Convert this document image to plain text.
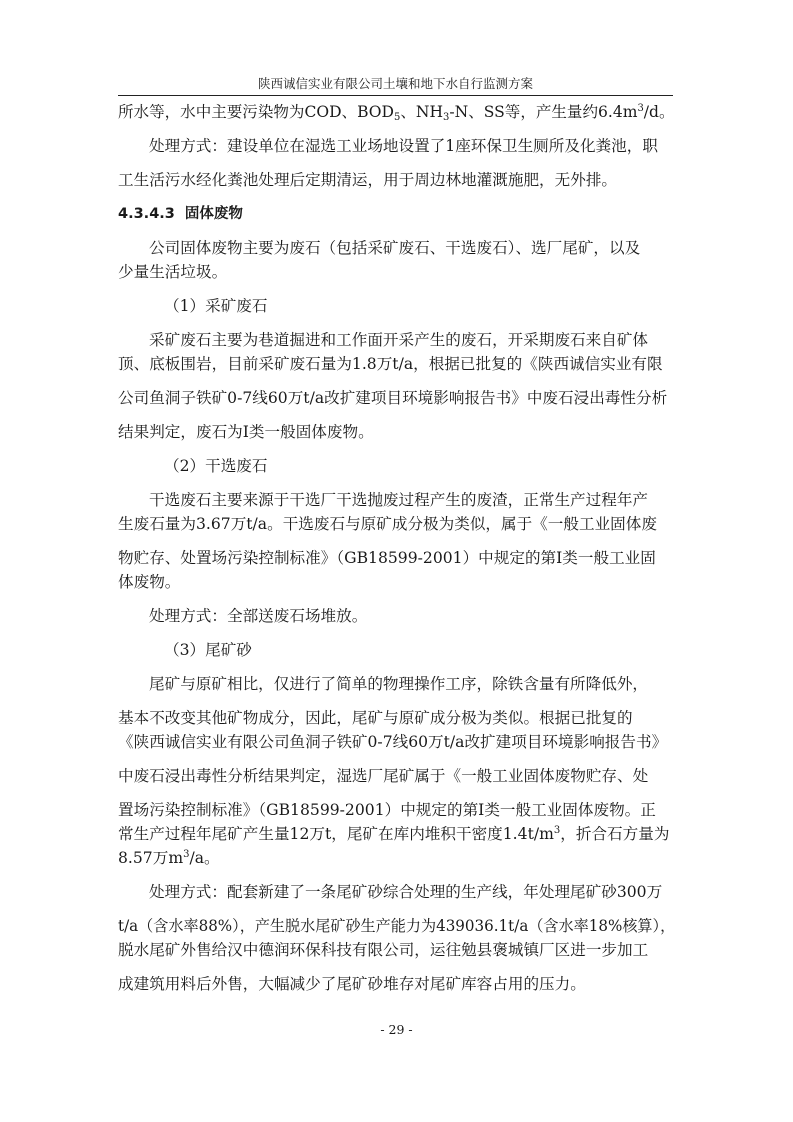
陕西诚信实业有限公司土壤和地下水自行监测方案
所水等，水中主要污染物为COD、$BOD_5$、$NH_3-N$、SS等，产生量约$6.4m^3/d$。
处理方式：建设单位在湿选工业场地设置了1座环保卫生厕所及化粪池，职
工生活污水经化粪池处理后定期清运，用于周边林地灌溉施肥，无外排。
4.3.4.3 固体废物
公司固体废物主要为废石（包括采矿废石、干选废石）、选厂尾矿，以及
少量生活垃圾。
（1）采矿废石
采矿废石主要为巷道掘进和工作面开采产生的废石，开采期废石来自矿体
顶、底板围岩，目前采矿废石量为1.8万t/a，根据已批复的《陕西诚信实业有限
公司鱼洞子铁矿0-7线60万t/a改扩建项目环境影响报告书》中废石浸出毒性分析
结果判定，废石为I类一般固体废物。
（2）干选废石
干选废石主要来源于干选厂干选抛废过程产生的废渣，正常生产过程年产
生废石量为3.67万t/a。干选废石与原矿成分极为类似，属于《一般工业固体废
物贮存、处置场污染控制标准》（GB18599-2001）中规定的第Ⅰ类一般工业固
体废物。
处理方式：全部送废石场堆放。
（3）尾矿砂
尾矿与原矿相比，仅进行了简单的物理操作工序，除铁含量有所降低外，
基本不改变其他矿物成分，因此，尾矿与原矿成分极为类似。根据已批复的
《陕西诚信实业有限公司鱼洞子铁矿0-7线60万t/a改扩建项目环境影响报告书》
中废石浸出毒性分析结果判定，湿选厂尾矿属于《一般工业固体废物贮存、处
置场污染控制标准》（GB18599-2001）中规定的第Ⅰ类一般工业固体废物。正
常生产过程年尾矿产生量12万t，尾矿在库内堆积干密度$1.4t/m^3$，折合石方量为
8.57万$m^3/a$。
处理方式：配套新建了一条尾矿砂综合处理的生产线，年处理尾矿砂300万
t/a（含水率88%），产生脱水尾矿砂生产能力为439036.1t/a（含水率18%核算），
脱水尾矿外售给汉中德润环保科技有限公司，运往勉县褒城镇厂区进一步加工
成建筑用料后外售，大幅减少了尾矿砂堆存对尾矿库容占用的压力。
- 29 -
